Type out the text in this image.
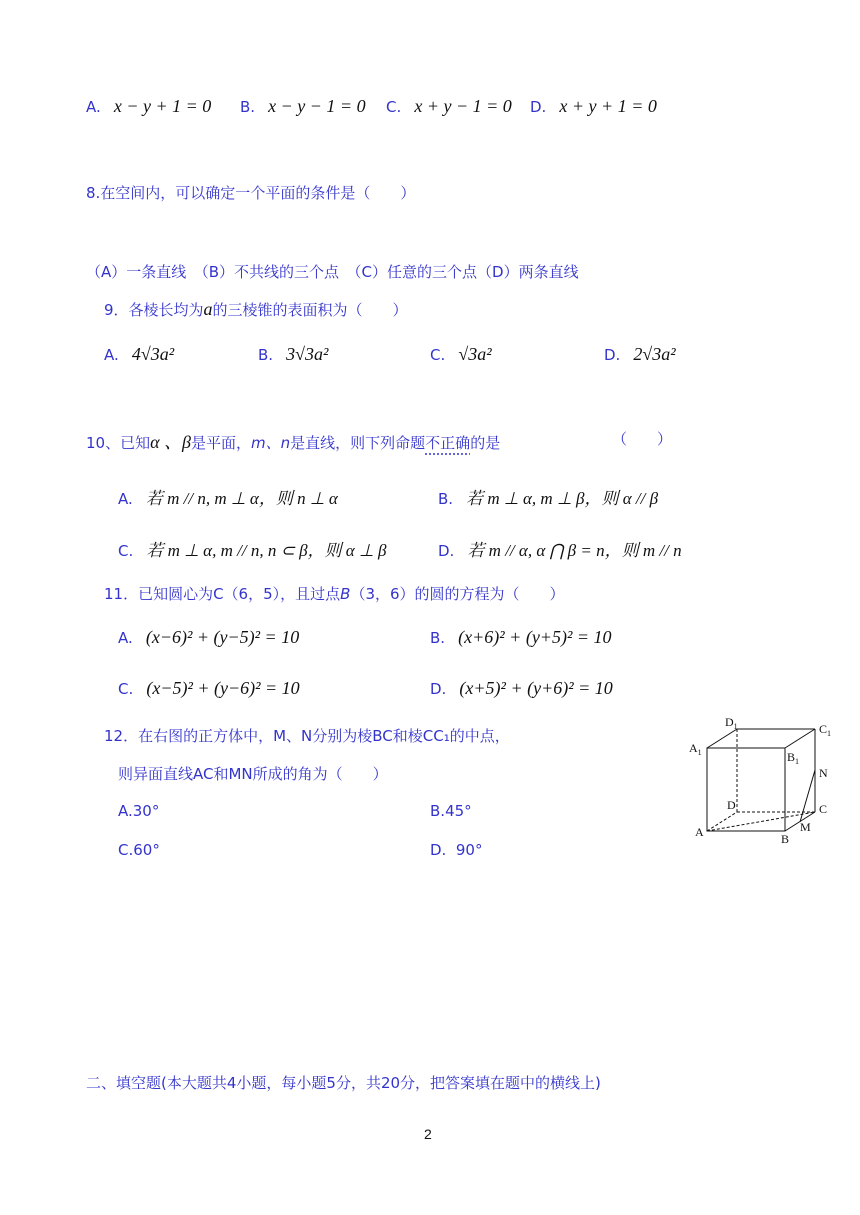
A. x − y + 1 = 0 B. x − y − 1 = 0 C. x + y − 1 = 0 D. x + y + 1 = 0
8.在空间内，可以确定一个平面的条件是（　　）
（A）一条直线　（B）不共线的三个点　（C）任意的三个点（D）两条直线
9．各棱长均为a的三棱锥的表面积为（　　）
A. 4√3a²	B. 3√3a²	C. √3a²	D. 2√3a²
10、已知α 、β是平面，m、n是直线，则下列命题不正确的是	（　　）
A. 若 m // n, m ⊥ α，则 n ⊥ α	B. 若 m ⊥ α, m ⊥ β，则 α // β
C. 若 m ⊥ α, m // n, n ⊂ β，则 α ⊥ β	D. 若 m // α, α ⋂ β = n，则 m // n
11．已知圆心为C（6，5），且过点B（3，6）的圆的方程为（　　）
A. (x−6)² + (y−5)² = 10	B. (x+6)² + (y+5)² = 10
C. (x−5)² + (y−6)² = 10	D. (x+5)² + (y+6)² = 10
12．在右图的正方体中，M、N分别为棱BC和棱CC₁的中点，
则异面直线AC和MN所成的角为（　　）
A.30°	B.45°
C.60°	D. 90°
$D_1$	$C_1$
$A_1$	$B_1$
N
D	C
M
A	B
二、填空题(本大题共4小题，每小题5分，共20分，把答案填在题中的横线上)
2
